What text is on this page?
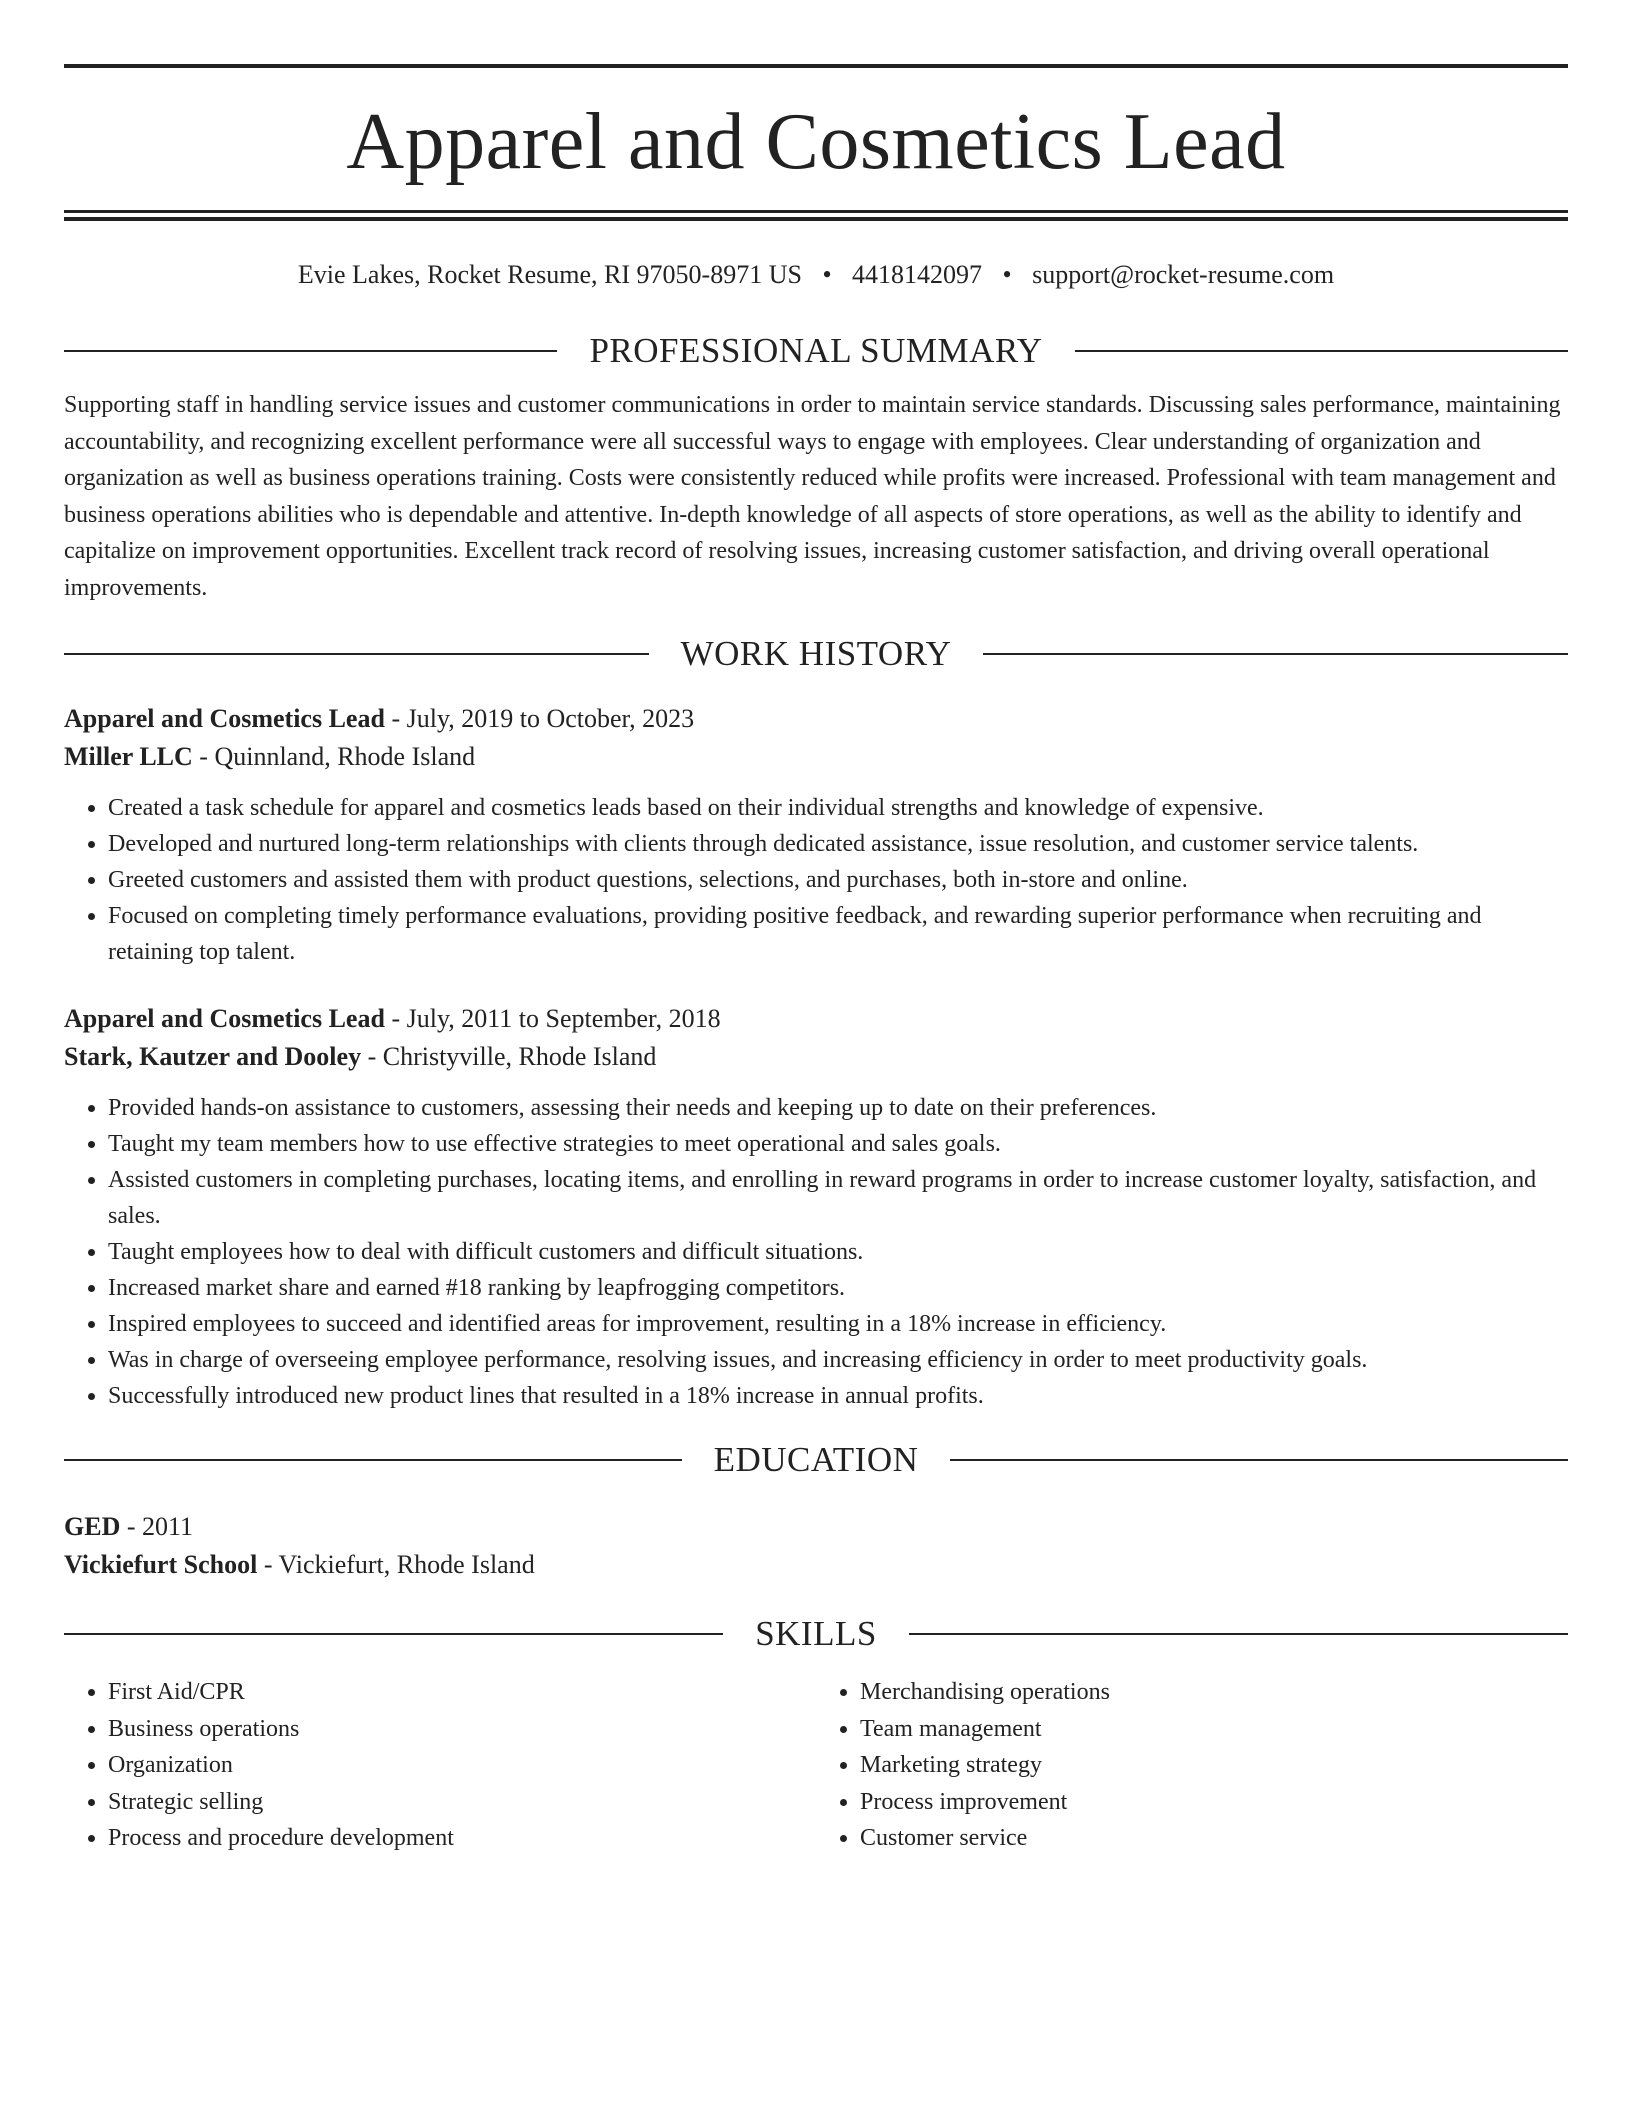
Apparel and Cosmetics Lead
Evie Lakes, Rocket Resume, RI 97050-8971 US • 4418142097 • support@rocket-resume.com
PROFESSIONAL SUMMARY

Supporting staff in handling service issues and customer communications in order to maintain service standards. Discussing sales performance, maintaining accountability, and recognizing excellent performance were all successful ways to engage with employees. Clear understanding of organization and organization as well as business operations training. Costs were consistently reduced while profits were increased. Professional with team management and business operations abilities who is dependable and attentive. In-depth knowledge of all aspects of store operations, as well as the ability to identify and capitalize on improvement opportunities. Excellent track record of resolving issues, increasing customer satisfaction, and driving overall operational improvements.

WORK HISTORY
Apparel and Cosmetics Lead - July, 2019 to October, 2023
Miller LLC - Quinnland, Rhode Island
• Created a task schedule for apparel and cosmetics leads based on their individual strengths and knowledge of expensive.
• Developed and nurtured long-term relationships with clients through dedicated assistance, issue resolution, and customer service talents.
• Greeted customers and assisted them with product questions, selections, and purchases, both in-store and online.
• Focused on completing timely performance evaluations, providing positive feedback, and rewarding superior performance when recruiting and retaining top talent.
Apparel and Cosmetics Lead - July, 2011 to September, 2018
Stark, Kautzer and Dooley - Christyville, Rhode Island
• Provided hands-on assistance to customers, assessing their needs and keeping up to date on their preferences.
• Taught my team members how to use effective strategies to meet operational and sales goals.
• Assisted customers in completing purchases, locating items, and enrolling in reward programs in order to increase customer loyalty, satisfaction, and sales.
• Taught employees how to deal with difficult customers and difficult situations.
• Increased market share and earned #18 ranking by leapfrogging competitors.
• Inspired employees to succeed and identified areas for improvement, resulting in a 18% increase in efficiency.
• Was in charge of overseeing employee performance, resolving issues, and increasing efficiency in order to meet productivity goals.
• Successfully introduced new product lines that resulted in a 18% increase in annual profits.
EDUCATION
GED - 2011
Vickiefurt School - Vickiefurt, Rhode Island
SKILLS
• First Aid/CPR
• Business operations
• Organization
• Strategic selling
• Process and procedure development
• Merchandising operations
• Team management
• Marketing strategy
• Process improvement
• Customer service
